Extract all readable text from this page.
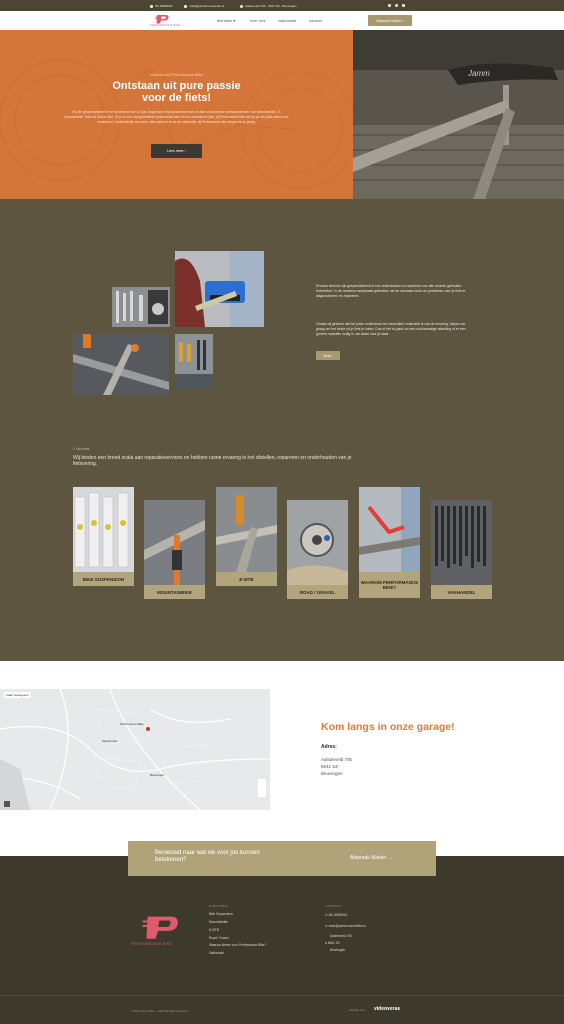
06-18095041	mark@performancebike.nl	Aalsterveld 70b - 6641 SZ - Beuningen
PERFORMANCE BIKE
diensten ▾	over ons	vakhandel	contact	Afspraak Maken
›
Welkom bij Performance Bike
Ontstaan uit pure passie voor de fiets!
Wij zijn gespecialiseerd in het onderhoud van 1e klas Suspension repositoriumservices en alle voorkomende werkzaamheden voor Mountainbike, E-Mountainbike, Race of Gravel bike. Of je nu een doorgewinterde professional bent of een recreatieve rijder, bij Performance bike ben je op het juiste adres voor onderhoud. Onafhankelijk van merk, alles gebeurt of via de vakhandel, bij Performance bike helpen we je graag.
Lees meer
›
Jamm
Ervaren technici zijn gespecialiseerd in het onderhouden en repareren van alle recente gebruikte technieken. In de moderne werkplaats gebruiken we de nieuwste tools om problemen aan je fiets te diagnosticeren en repareren.
Omdat wij geloven dat het juiste onderhoud een essentieel onderdeel is van de ervaring, helpen we graag om het beste uit je fiets te halen. Dus of het nu gaat om een routinematige afstelling of er een grotere reparatie nodig is, we staan voor je klaar.
Meer
›
< Services
Wij bieden een breed scala aan reparatieservices en hebben ruime ervaring in het afstellen, repareren en onderhouden van je fietsvering.
BIKE SUSPENSION
MOUNTAINBIKE
E-MTB
ROAD / GRAVEL
WAAROM PERFORMANCE BIKE?
VAKHANDEL
Kaart weergeven
Aalsterveld
Performance Bike
Beuningen
Kom langs in onze garage!
Adres:
Aalsterveld 70b
6641 SZ
Beuningen
Benieuwd naar wat we voor jou kunnen betekenen?	Afspraak Maken →
PERFORMANCE BIKE
DIENSTEN
Bike Suspension
Mountainbike
E-MTB
Road / Gravel
Waarom kiezen voor Performance Bike?
Vakhandel
CONTACT
✆ 06-18095041
✉ mark@performancebike.nl
Aalsterveld 70b
● 6641 SZ
Beuningen
© Performance Bike – 2024 All rights reserved	Website door videoveras
